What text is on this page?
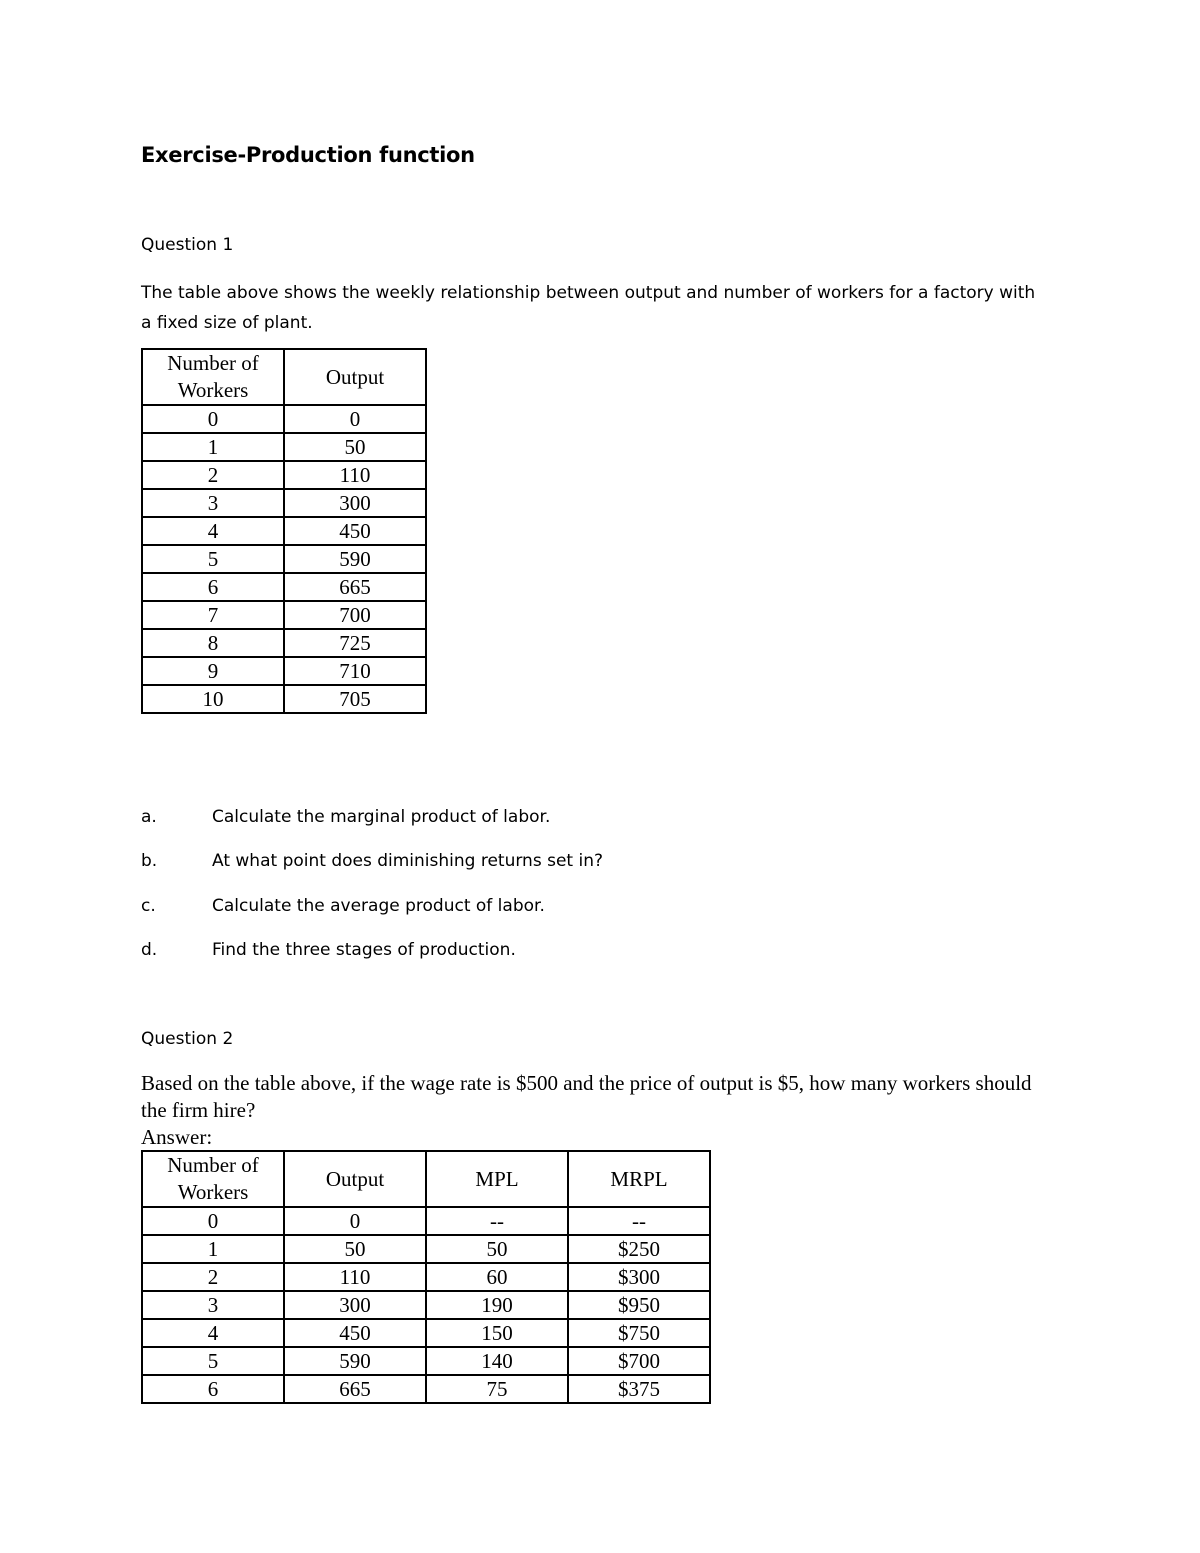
Exercise-Production function
Question 1
The table above shows the weekly relationship between output and number of workers for a factory with a fixed size of plant.
Number of Workers	Output
0	0
1	50
2	110
3	300
4	450
5	590
6	665
7	700
8	725
9	710
10	705
a.	Calculate the marginal product of labor.
b.	At what point does diminishing returns set in?
c.	Calculate the average product of labor.
d.	Find the three stages of production.
Question 2
Based on the table above, if the wage rate is $500 and the price of output is $5, how many workers should the firm hire?
Answer:
Number of Workers	Output	MPL	MRPL
0	0	--	--
1	50	50	$250
2	110	60	$300
3	300	190	$950
4	450	150	$750
5	590	140	$700
6	665	75	$375
